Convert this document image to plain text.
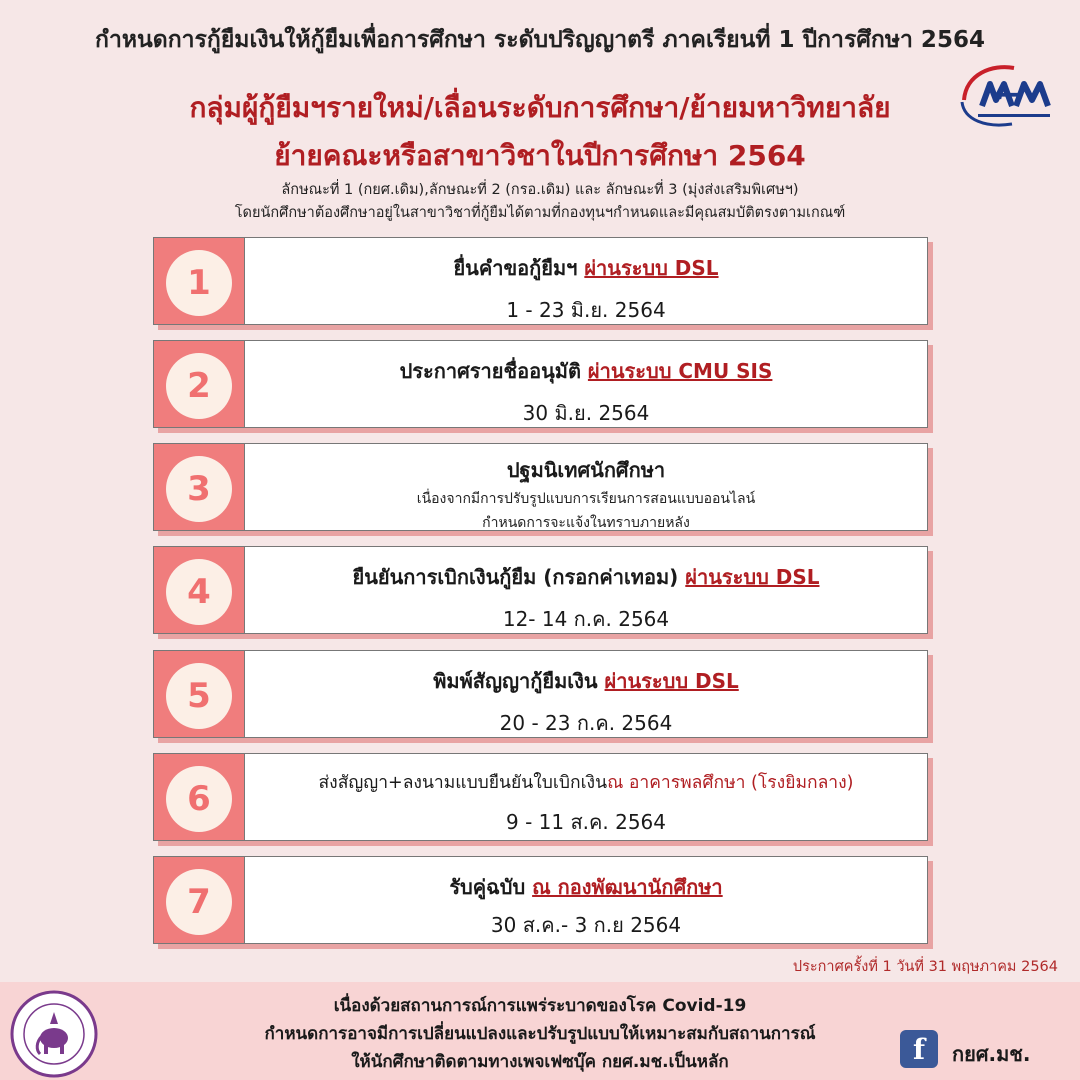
กำหนดการกู้ยืมเงินให้กู้ยืมเพื่อการศึกษา ระดับปริญญาตรี ภาคเรียนที่ 1 ปีการศึกษา 2564
กลุ่มผู้กู้ยืมฯรายใหม่/เลื่อนระดับการศึกษา/ย้ายมหาวิทยาลัย
ย้ายคณะหรือสาขาวิชาในปีการศึกษา 2564
ลักษณะที่ 1 (กยศ.เดิม),ลักษณะที่ 2 (กรอ.เดิม) และ ลักษณะที่ 3 (มุ่งส่งเสริมพิเศษฯ)
โดยนักศึกษาต้องศึกษาอยู่ในสาขาวิชาที่กู้ยืมได้ตามที่กองทุนฯกำหนดและมีคุณสมบัติตรงตามเกณฑ์
ꟷ
1	ยื่นคำขอกู้ยืมฯ ผ่านระบบ DSL
1 - 23 มิ.ย. 2564
2	ประกาศรายชื่ออนุมัติ ผ่านระบบ CMU SIS
30 มิ.ย. 2564
3	ปฐมนิเทศนักศึกษา
เนื่องจากมีการปรับรูปแบบการเรียนการสอนแบบออนไลน์
กำหนดการจะแจ้งในทราบภายหลัง
4	ยืนยันการเบิกเงินกู้ยืม (กรอกค่าเทอม) ผ่านระบบ DSL
12- 14 ก.ค. 2564
5	พิมพ์สัญญากู้ยืมเงิน ผ่านระบบ DSL
20 - 23 ก.ค. 2564
6	ส่งสัญญา+ลงนามแบบยืนยันใบเบิกเงินณ อาคารพลศึกษา (โรงยิมกลาง)
9 - 11 ส.ค. 2564
7	รับคู่ฉบับ ณ กองพัฒนานักศึกษา
30 ส.ค.- 3 ก.ย 2564
ประกาศครั้งที่ 1 วันที่ 31 พฤษภาคม 2564
เนื่องด้วยสถานการณ์การแพร่ระบาดของโรค Covid-19
กำหนดการอาจมีการเปลี่ยนแปลงและปรับรูปแบบให้เหมาะสมกับสถานการณ์
ให้นักศึกษาติดตามทางเพจเฟซบุ๊ค กยศ.มช.เป็นหลัก	f	กยศ.มช.
